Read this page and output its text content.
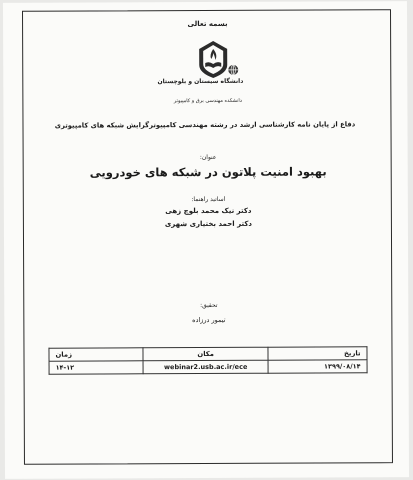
بسمه تعالی
دانشگاه سیستان و بلوچستان
دانشکده مهندسی برق و کامپیوتر
دفاع از پایان نامه کارشناسی ارشد در رشته مهندسی کامپیوترگرایش شبکه های کامپیوتری
عنوان:
بهبود امنیت پلاتون در شبکه های خودرویی
اساتید راهنما:
دکتر نیک محمد بلوچ زهی
دکتر احمد بختیاری شهری
تحقیق:
تیمور درزاده
تاریخ	مکان	زمان
۱۳۹۹/۰۸/۱۴	webinar2.usb.ac.ir/ece	۱۴-۱۲
